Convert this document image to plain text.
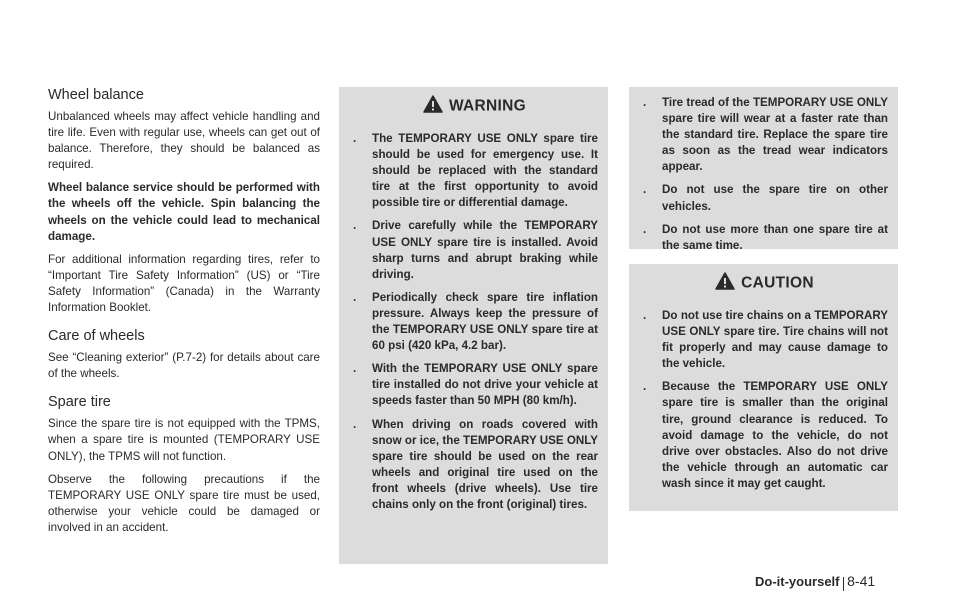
Wheel balance

Unbalanced wheels may affect vehicle handling and tire life. Even with regular use, wheels can get out of balance. Therefore, they should be balanced as required.

Wheel balance service should be performed with the wheels off the vehicle. Spin balancing the wheels on the vehicle could lead to mechanical damage.

For additional information regarding tires, refer to “Important Tire Safety Information” (US) or “Tire Safety Information” (Canada) in the Warranty Information Booklet.

Care of wheels

See “Cleaning exterior” (P.7-2) for details about care of the wheels.

Spare tire

Since the spare tire is not equipped with the TPMS, when a spare tire is mounted (TEMPORARY USE ONLY), the TPMS will not function.

Observe the following precautions if the TEMPORARY USE ONLY spare tire must be used, otherwise your vehicle could be damaged or involved in an accident.

WARNING
. The TEMPORARY USE ONLY spare tire should be used for emergency use. It should be replaced with the standard tire at the first opportunity to avoid possible tire or differential damage.
. Drive carefully while the TEMPORARY USE ONLY spare tire is installed. Avoid sharp turns and abrupt braking while driving.
. Periodically check spare tire inflation pressure. Always keep the pressure of the TEMPORARY USE ONLY spare tire at 60 psi (420 kPa, 4.2 bar).
. With the TEMPORARY USE ONLY spare tire installed do not drive your vehicle at speeds faster than 50 MPH (80 km/h).
. When driving on roads covered with snow or ice, the TEMPORARY USE ONLY spare tire should be used on the rear wheels and original tire used on the front wheels (drive wheels). Use tire chains only on the front (original) tires.
. Tire tread of the TEMPORARY USE ONLY spare tire will wear at a faster rate than the standard tire. Replace the spare tire as soon as the tread wear indicators appear.
. Do not use the spare tire on other vehicles.
. Do not use more than one spare tire at the same time.
CAUTION
. Do not use tire chains on a TEMPORARY USE ONLY spare tire. Tire chains will not fit properly and may cause damage to the vehicle.
. Because the TEMPORARY USE ONLY spare tire is smaller than the original tire, ground clearance is reduced. To avoid damage to the vehicle, do not drive over obstacles. Also do not drive the vehicle through an automatic car wash since it may get caught.
Do-it-yourself 8-41
